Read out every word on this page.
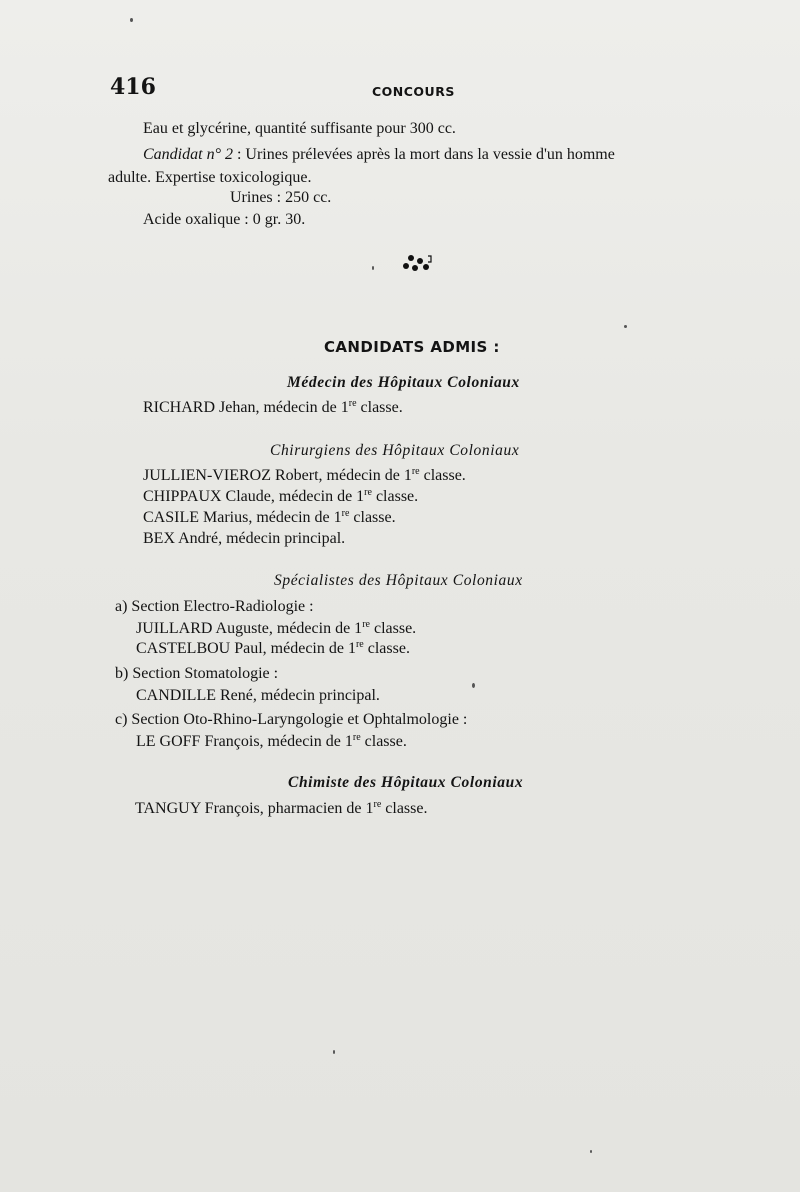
416	CONCOURS
Eau et glycérine, quantité suffisante pour 300 cc.
Candidat n° 2 : Urines prélevées après la mort dans la vessie d'un homme
adulte. Expertise toxicologique.
Urines : 250 cc.
Acide oxalique : 0 gr. 30.
CANDIDATS ADMIS :
Médecin des Hôpitaux Coloniaux
RICHARD Jehan, médecin de 1re classe.
Chirurgiens des Hôpitaux Coloniaux
JULLIEN-VIEROZ Robert, médecin de 1re classe.
CHIPPAUX Claude, médecin de 1re classe.
CASILE Marius, médecin de 1re classe.
BEX André, médecin principal.
Spécialistes des Hôpitaux Coloniaux
a) Section Electro-Radiologie :
JUILLARD Auguste, médecin de 1re classe.
CASTELBOU Paul, médecin de 1re classe.
b) Section Stomatologie :
CANDILLE René, médecin principal.
c) Section Oto-Rhino-Laryngologie et Ophtalmologie :
LE GOFF François, médecin de 1re classe.
Chimiste des Hôpitaux Coloniaux
TANGUY François, pharmacien de 1re classe.
